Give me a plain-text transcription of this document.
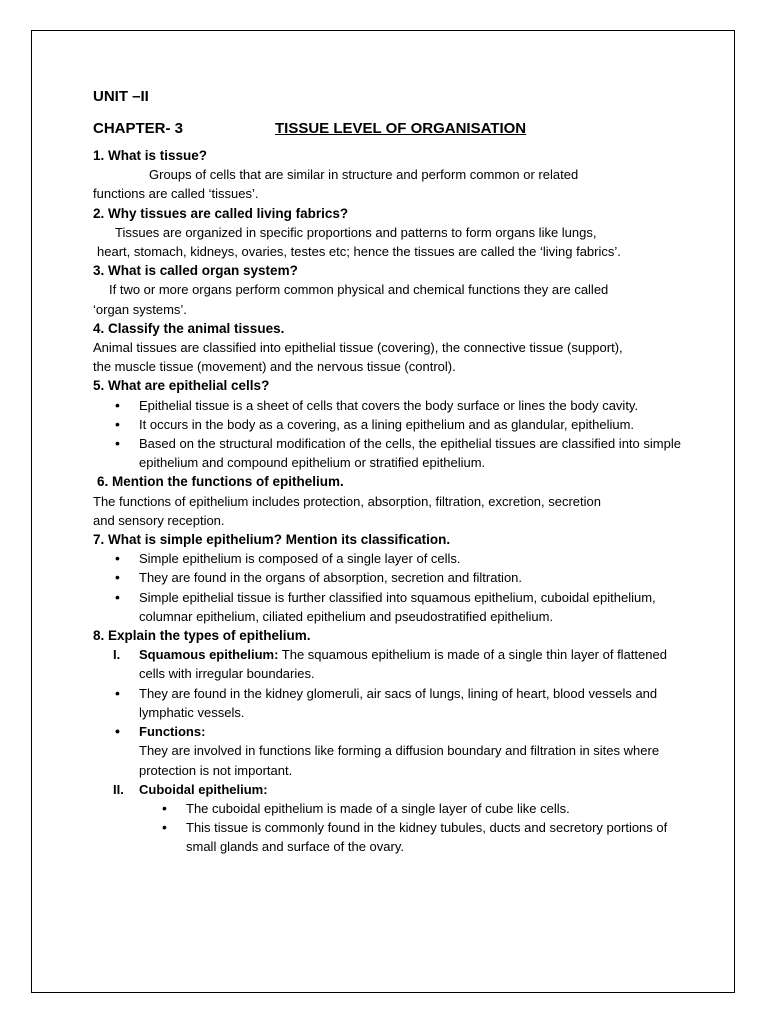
UNIT –II
CHAPTER- 3	TISSUE LEVEL OF ORGANISATION
1. What is tissue?

Groups of cells that are similar in structure and perform common or related

functions are called ‘tissues’.

2. Why tissues are called living fabrics?

Tissues are organized in specific proportions and patterns to form organs like lungs,

heart, stomach, kidneys, ovaries, testes etc; hence the tissues are called the ‘living fabrics’.

3. What is called organ system?

If two or more organs perform common physical and chemical functions they are called

‘organ systems’.

4. Classify the animal tissues.

Animal tissues are classified into epithelial tissue (covering), the connective tissue (support),

the muscle tissue (movement) and the nervous tissue (control).

5. What are epithelial cells?
• Epithelial tissue is a sheet of cells that covers the body surface or lines the body cavity.
• It occurs in the body as a covering, as a lining epithelium and as glandular, epithelium.
• Based on the structural modification of the cells, the epithelial tissues are classified into simple epithelium and compound epithelium or stratified epithelium.
6. Mention the functions of epithelium.

The functions of epithelium includes protection, absorption, filtration, excretion, secretion

and sensory reception.

7. What is simple epithelium? Mention its classification.
• Simple epithelium is composed of a single layer of cells.
• They are found in the organs of absorption, secretion and filtration.
• Simple epithelial tissue is further classified into squamous epithelium, cuboidal epithelium, columnar epithelium, ciliated epithelium and pseudostratified epithelium.
8. Explain the types of epithelium.
I.	Squamous epithelium: The squamous epithelium is made of a single thin layer of flattened cells with irregular boundaries.
• They are found in the kidney glomeruli, air sacs of lungs, lining of heart, blood vessels and lymphatic vessels.
• Functions:

They are involved in functions like forming a diffusion boundary and filtration in sites where protection is not important.

II.	Cuboidal epithelium:
• The cuboidal epithelium is made of a single layer of cube like cells.
• This tissue is commonly found in the kidney tubules, ducts and secretory portions of small glands and surface of the ovary.
